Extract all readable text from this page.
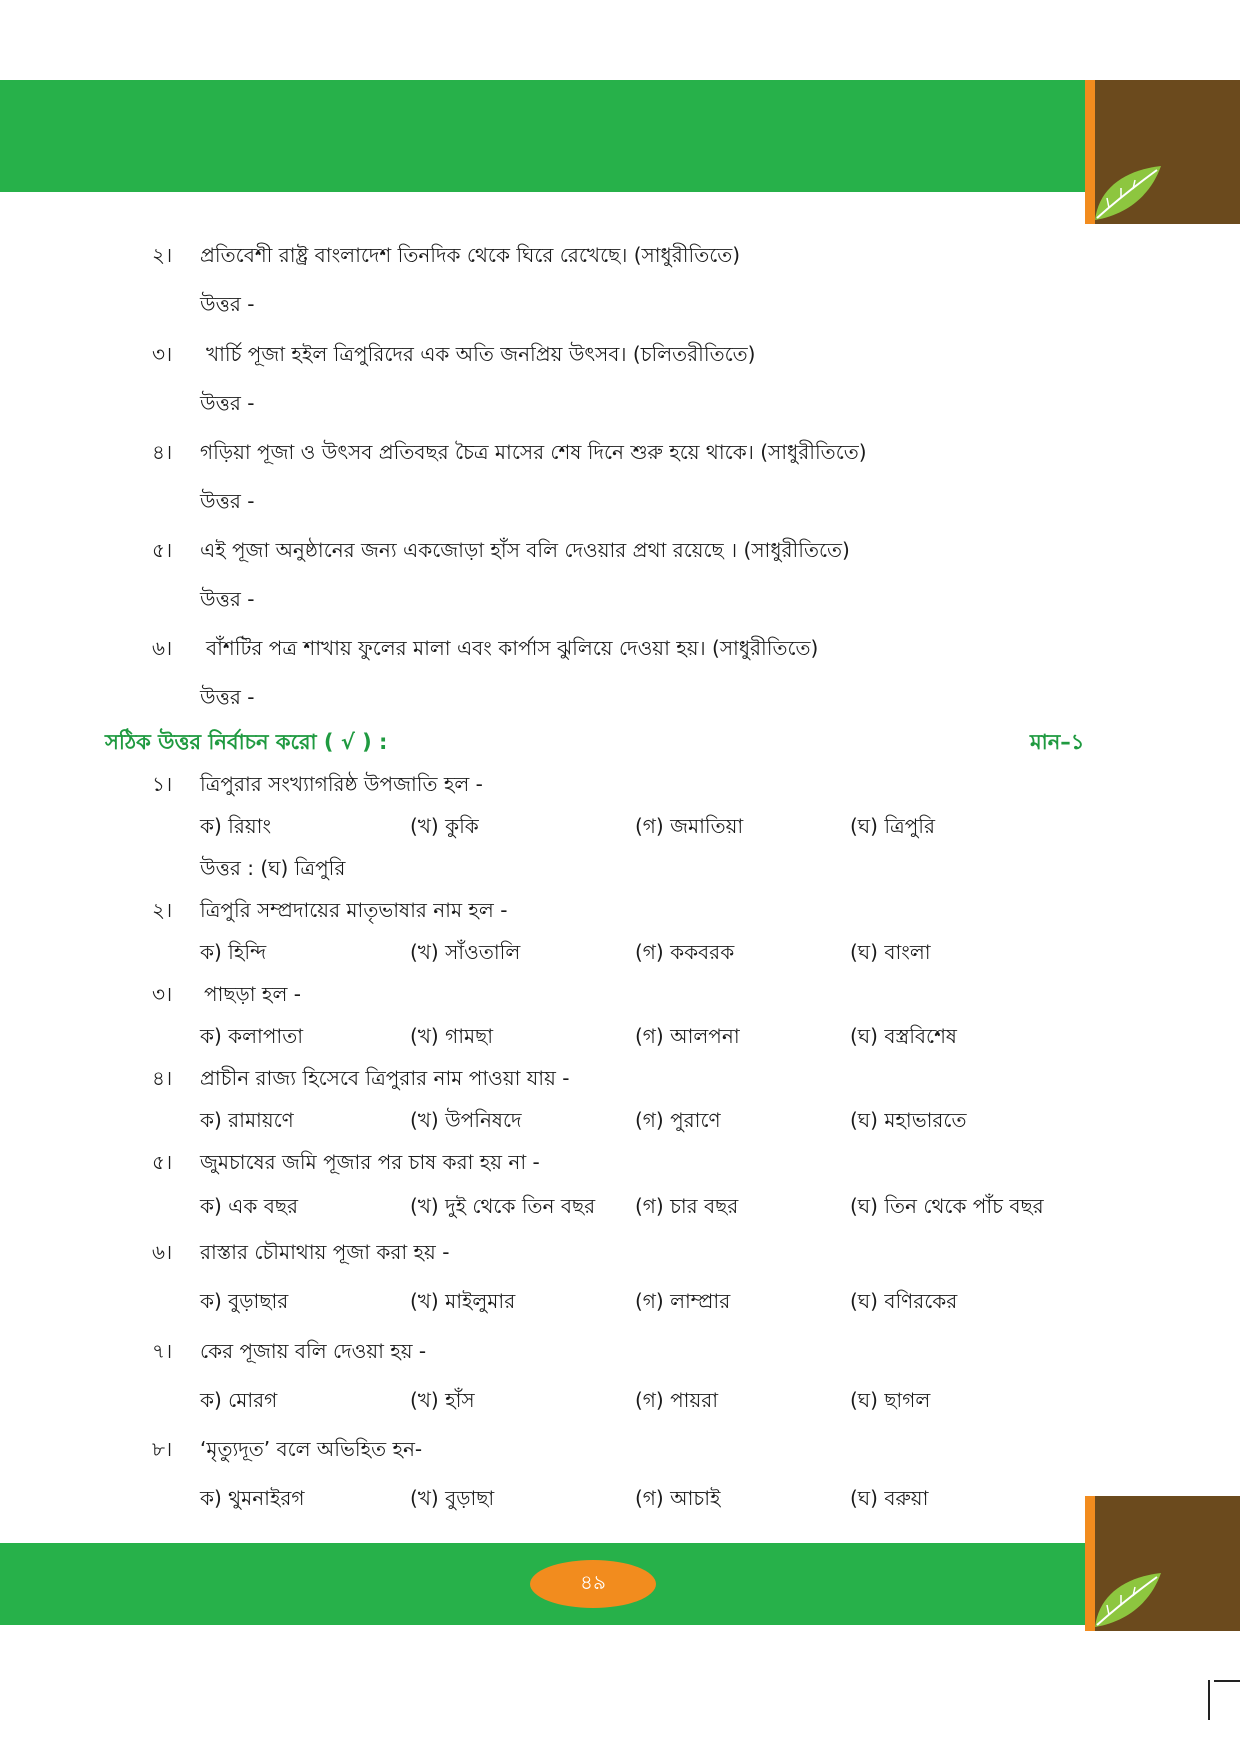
২। প্রতিবেশী রাষ্ট্র বাংলাদেশ তিনদিক থেকে ঘিরে রেখেছে। (সাধুরীতিতে)
উত্তর -
৩। খার্চি পূজা হইল ত্রিপুরিদের এক অতি জনপ্রিয় উৎসব। (চলিতরীতিতে)
উত্তর -
৪। গড়িয়া পূজা ও উৎসব প্রতিবছর চৈত্র মাসের শেষ দিনে শুরু হয়ে থাকে। (সাধুরীতিতে)
উত্তর -
৫। এই পূজা অনুষ্ঠানের জন্য একজোড়া হাঁস বলি দেওয়ার প্রথা রয়েছে । (সাধুরীতিতে)
উত্তর -
৬। বাঁশটির পত্র শাখায় ফুলের মালা এবং কার্পাস ঝুলিয়ে দেওয়া হয়। (সাধুরীতিতে)
উত্তর -
সঠিক উত্তর নির্বাচন করো ( √ ) :	মান–১
১। ত্রিপুরার সংখ্যাগরিষ্ঠ উপজাতি হল -
ক) রিয়াং	(খ) কুকি	(গ) জমাতিয়া	(ঘ) ত্রিপুরি
উত্তর : (ঘ) ত্রিপুরি
২। ত্রিপুরি সম্প্রদায়ের মাতৃভাষার নাম হল -
ক) হিন্দি	(খ) সাঁওতালি	(গ) ককবরক	(ঘ) বাংলা
৩। পাছড়া হল -
ক) কলাপাতা	(খ) গামছা	(গ) আলপনা	(ঘ) বস্ত্রবিশেষ
৪। প্রাচীন রাজ্য হিসেবে ত্রিপুরার নাম পাওয়া যায় -
ক) রামায়ণে	(খ) উপনিষদে	(গ) পুরাণে	(ঘ) মহাভারতে
৫। জুমচাষের জমি পূজার পর চাষ করা হয় না -
ক) এক বছর	(খ) দুই থেকে তিন বছর (গ) চার বছর	(ঘ) তিন থেকে পাঁচ বছর
৬। রাস্তার চৌমাথায় পূজা করা হয় -
ক) বুড়াছার	(খ) মাইলুমার	(গ) লাম্প্রার	(ঘ) বণিরকের
৭। কের পূজায় বলি দেওয়া হয় -
ক) মোরগ	(খ) হাঁস	(গ) পায়রা	(ঘ) ছাগল
৮। ‘মৃত্যুদূত’ বলে অভিহিত হন-
ক) থুমনাইরগ	(খ) বুড়াছা	(গ) আচাই	(ঘ) বরুয়া
৪৯
